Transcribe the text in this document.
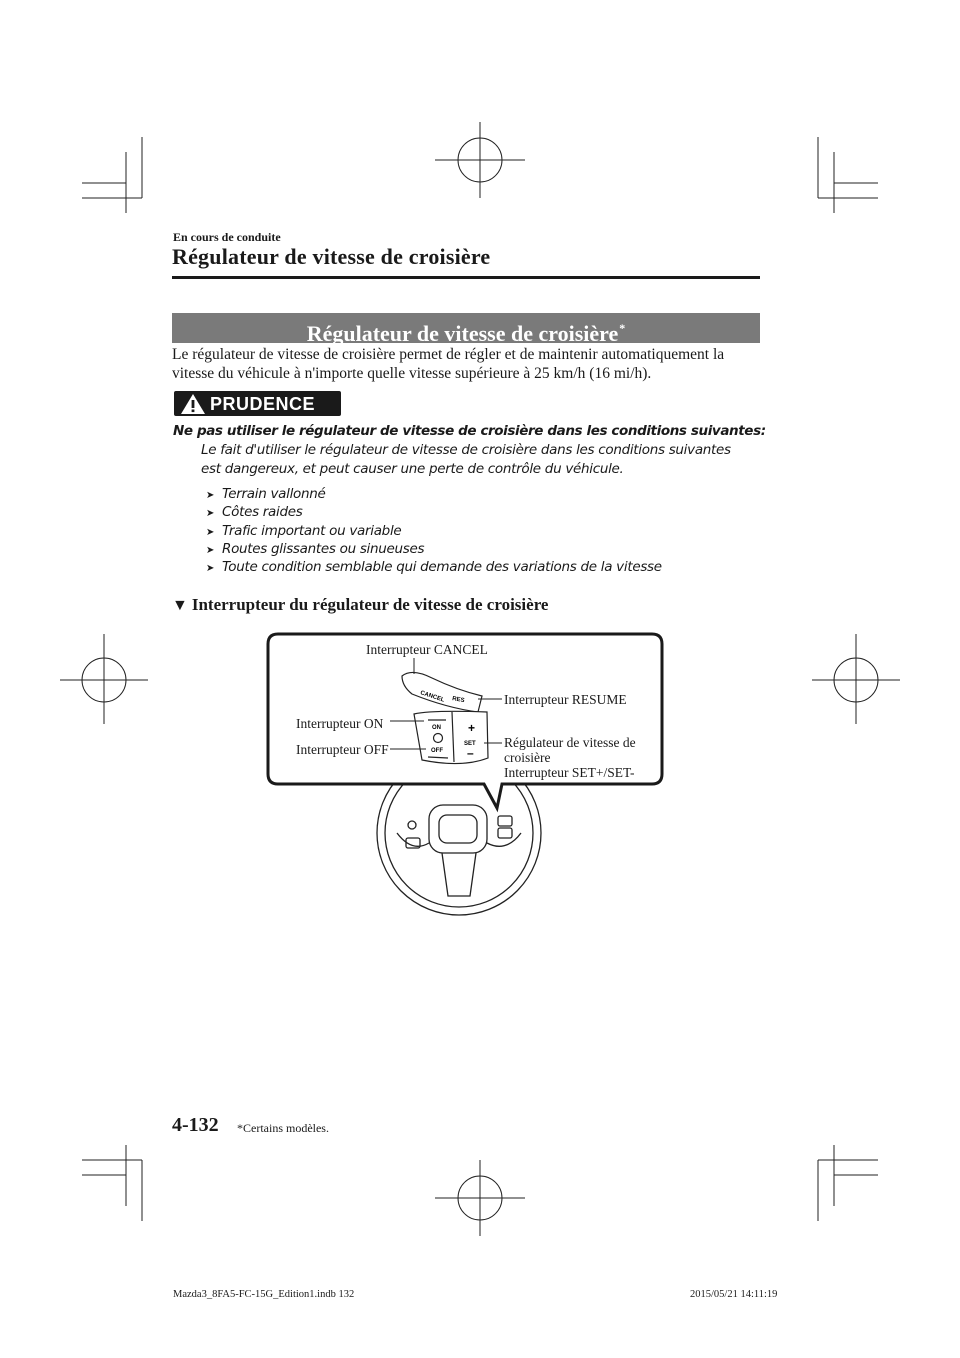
En cours de conduite
Régulateur de vitesse de croisière
Régulateur de vitesse de croisière*
Le régulateur de vitesse de croisière permet de régler et de maintenir automatiquement la vitesse du véhicule à n'importe quelle vitesse supérieure à 25 km/h (16 mi/h).
PRUDENCE
Ne pas utiliser le régulateur de vitesse de croisière dans les conditions suivantes:
Le fait d'utiliser le régulateur de vitesse de croisière dans les conditions suivantes est dangereux, et peut causer une perte de contrôle du véhicule.
➤ Terrain vallonné
➤ Côtes raides
➤ Trafic important ou variable
➤ Routes glissantes ou sinueuses
➤ Toute condition semblable qui demande des variations de la vitesse
▼ Interrupteur du régulateur de vitesse de croisière
CANCEL RES
ON
OFF
+
SET
–
Interrupteur CANCEL
Interrupteur RESUME
Interrupteur ON
Interrupteur OFF	Régulateur de vitesse de
croisière
Interrupteur SET+/SET-
4-132 *Certains modèles.
Mazda3_8FA5-FC-15G_Edition1.indb 132	2015/05/21 14:11:19
